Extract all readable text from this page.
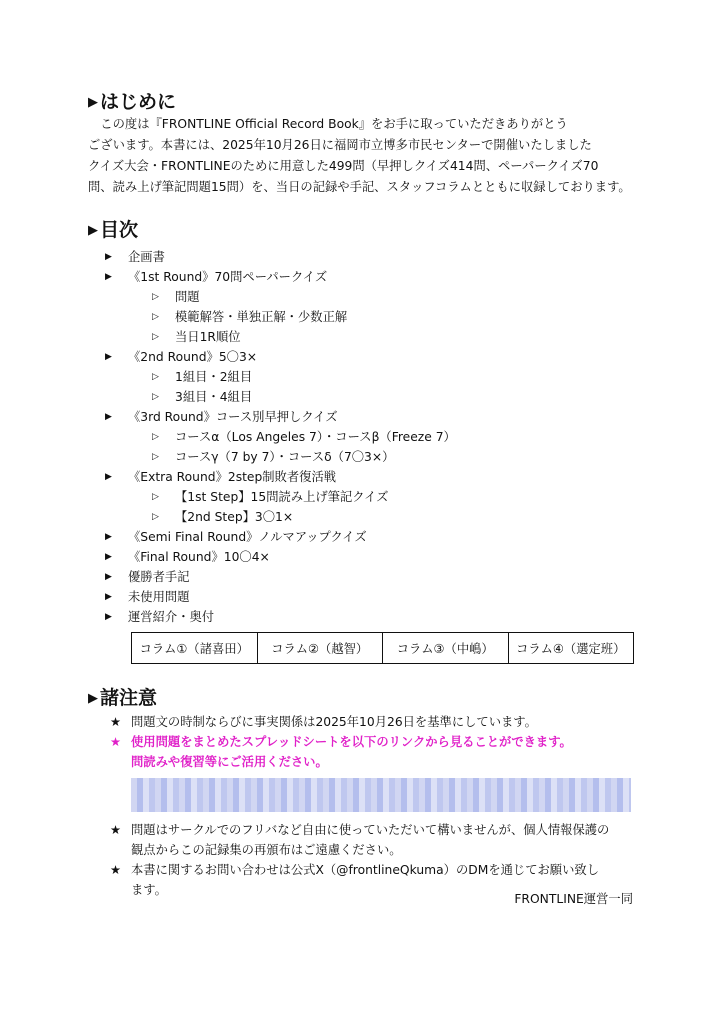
▶ はじめに
　この度は『FRONTLINE Official Record Book』をお手に取っていただきありがとう
ございます。本書には、2025年10月26日に福岡市立博多市民センターで開催いたしました
クイズ大会・FRONTLINEのために用意した499問（早押しクイズ414問、ペーパークイズ70
問、読み上げ筆記問題15問）を、当日の記録や手記、スタッフコラムとともに収録しております。
▶ 目次
▶ 企画書
▶ 《1st Round》70問ペーパークイズ
▷ 問題
▷ 模範解答・単独正解・少数正解
▷ 当日1R順位
▶ 《2nd Round》5〇3×
▷ 1組目・2組目
▷ 3組目・4組目
▶ 《3rd Round》コース別早押しクイズ
▷ コースα（Los Angeles 7）・コースβ（Freeze 7）
▷ コースγ（7 by 7）・コースδ（7〇3×）
▶ 《Extra Round》2step制敗者復活戦
▷ 【1st Step】15問読み上げ筆記クイズ
▷ 【2nd Step】3〇1×
▶ 《Semi Final Round》ノルマアップクイズ
▶ 《Final Round》10〇4×
▶ 優勝者手記
▶ 未使用問題
▶ 運営紹介・奥付
コラム①（諸喜田）	コラム②（越智）	コラム③（中嶋）	コラム④（選定班）
▶ 諸注意
★ 問題文の時制ならびに事実関係は2025年10月26日を基準にしています。
★ 使用問題をまとめたスプレッドシートを以下のリンクから見ることができます。
問読みや復習等にご活用ください。
★ 問題はサークルでのフリバなど自由に使っていただいて構いませんが、個人情報保護の
観点からこの記録集の再頒布はご遠慮ください。
★ 本書に関するお問い合わせは公式X（@frontlineQkuma）のDMを通じてお願い致し
ます。
FRONTLINE運営一同
